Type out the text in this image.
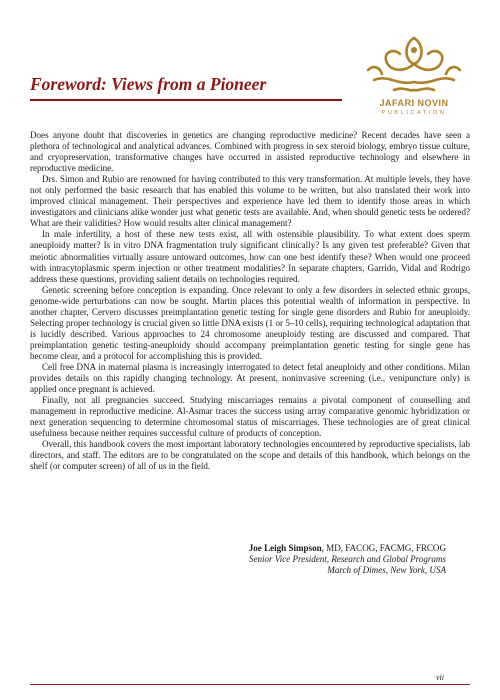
JAFARI NOVIN
PUBLICATION
Foreword: Views from a Pioneer

Does anyone doubt that discoveries in genetics are changing reproductive medicine? Recent decades have seen a plethora of technological and analytical advances. Combined with progress in sex steroid biology, embryo tissue culture, and cryopreservation, transformative changes have occurred in assisted reproductive technology and elsewhere in reproductive medicine.

Drs. Simon and Rubio are renowned for having contributed to this very transformation. At multiple levels, they have not only performed the basic research that has enabled this volume to be written, but also translated their work into improved clinical management. Their perspectives and experience have led them to identify those areas in which investigators and clinicians alike wonder just what genetic tests are available. And, when should genetic tests be ordered? What are their validities? How would results alter clinical management?

In male infertility, a host of these new tests exist, all with ostensible plausibility. To what extent does sperm aneuploidy matter? Is in vitro DNA fragmentation truly significant clinically? Is any given test preferable? Given that meiotic abnormalities virtually assure untoward outcomes, how can one best identify these? When would one proceed with intracytoplasmic sperm injection or other treatment modalities? In separate chapters, Garrido, Vidal and Rodrigo address these questions, providing salient details on technologies required.

Genetic screening before conception is expanding. Once relevant to only a few disorders in selected ethnic groups, genome-wide perturbations can now be sought. Martin places this potential wealth of information in perspective. In another chapter, Cervero discusses preimplantation genetic testing for single gene disorders and Rubio for aneuploidy. Selecting proper technology is crucial given so little DNA exists (1 or 5–10 cells), requiring technological adaptation that is lucidly described. Various approaches to 24 chromosome aneuploidy testing are discussed and compared. That preimplantation genetic testing-aneuploidy should accompany preimplantation genetic testing for single gene has become clear, and a protocol for accomplishing this is provided.

Cell free DNA in maternal plasma is increasingly interrogated to detect fetal aneuploidy and other conditions. Milan provides details on this rapidly changing technology. At present, noninvasive screening (i.e., venipuncture only) is applied once pregnant is achieved.

Finally, not all pregnancies succeed. Studying miscarriages remains a pivotal component of counselling and management in reproductive medicine. Al-Asmar traces the success using array comparative genomic hybridization or next generation sequencing to determine chromosomal status of miscarriages. These technologies are of great clinical usefulness because neither requires successful culture of products of conception.

Overall, this handbook covers the most important laboratory technologies encountered by reproductive specialists, lab directors, and staff. The editors are to be congratulated on the scope and details of this handbook, which belongs on the shelf (or computer screen) of all of us in the field.

Joe Leigh Simpson, MD, FACOG, FACMG, FRCOG
Senior Vice President, Research and Global Programs
March of Dimes, New York, USA
vii
